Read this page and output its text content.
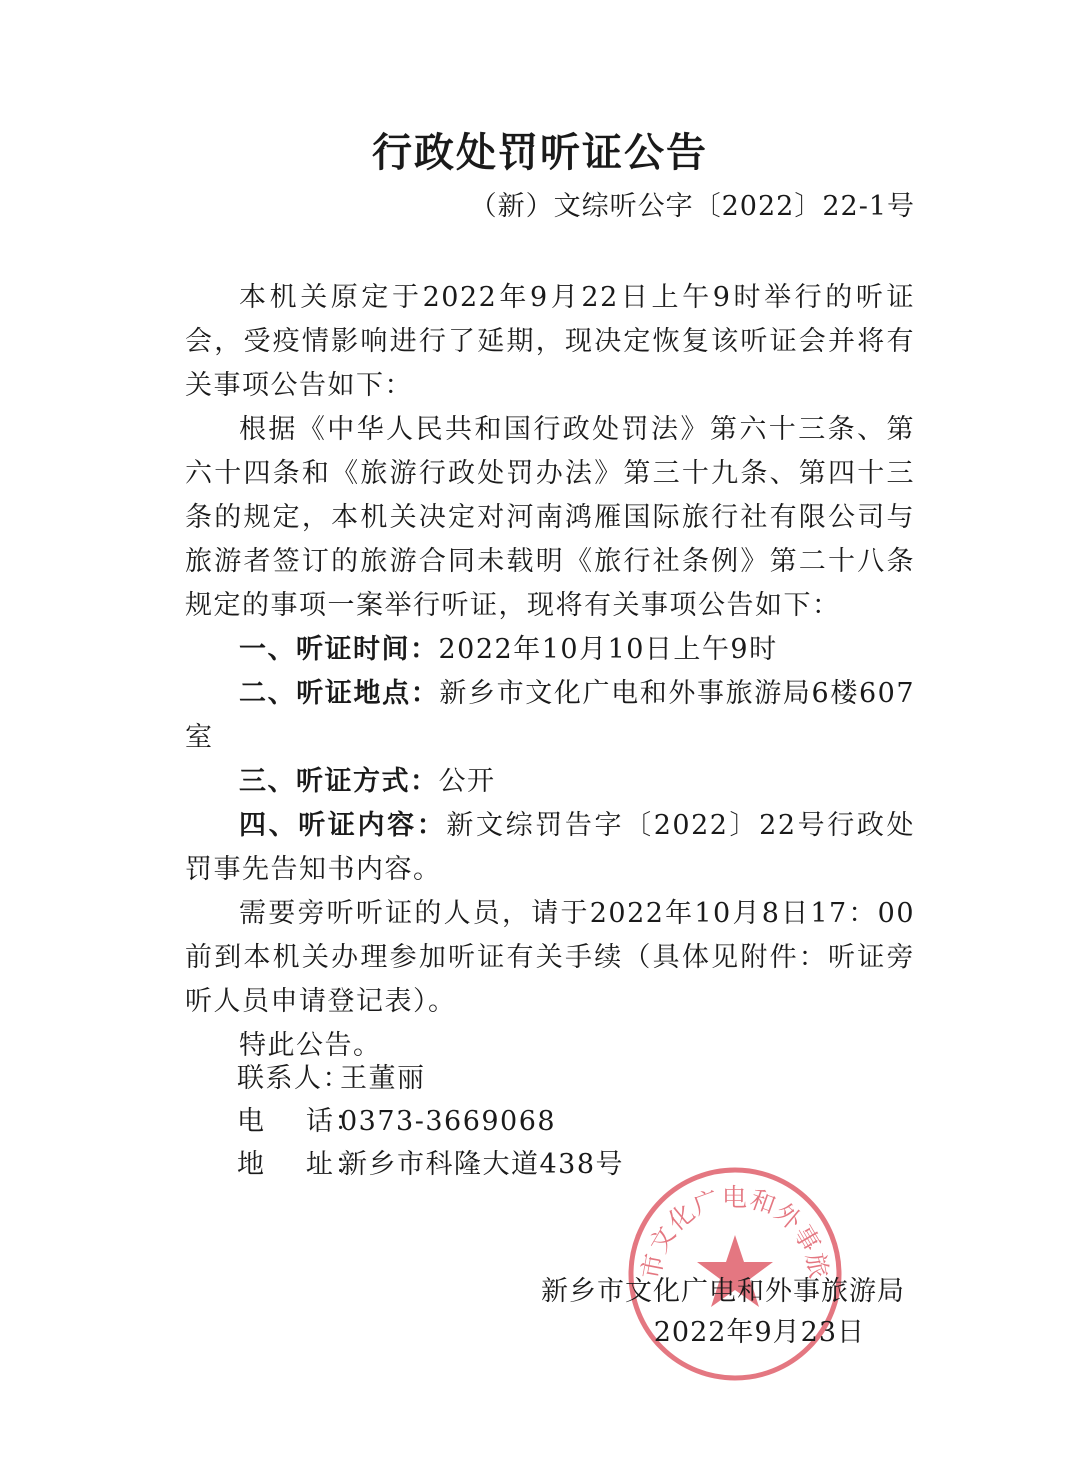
行政处罚听证公告
（新）文综听公字〔2022〕22-1号

本机关原定于2022年9月22日上午9时举行的听证会，受疫情影响进行了延期，现决定恢复该听证会并将有关事项公告如下：

根据《中华人民共和国行政处罚法》第六十三条、第六十四条和《旅游行政处罚办法》第三十九条、第四十三条的规定，本机关决定对河南鸿雁国际旅行社有限公司与旅游者签订的旅游合同未载明《旅行社条例》第二十八条规定的事项一案举行听证，现将有关事项公告如下：

一、听证时间：2022年10月10日上午9时

二、听证地点：新乡市文化广电和外事旅游局6楼607室

三、听证方式：公开

四、听证内容：新文综罚告字〔2022〕22号行政处罚事先告知书内容。

需要旁听听证的人员，请于2022年10月8日17：00前到本机关办理参加听证有关手续（具体见附件：听证旁听人员申请登记表）。

特此公告。

联系人：王董丽
电    话：0373-3669068
地    址：新乡市科隆大道438号
市文化广电和外事旅
新乡市文化广电和外事旅游局
2022年9月23日
